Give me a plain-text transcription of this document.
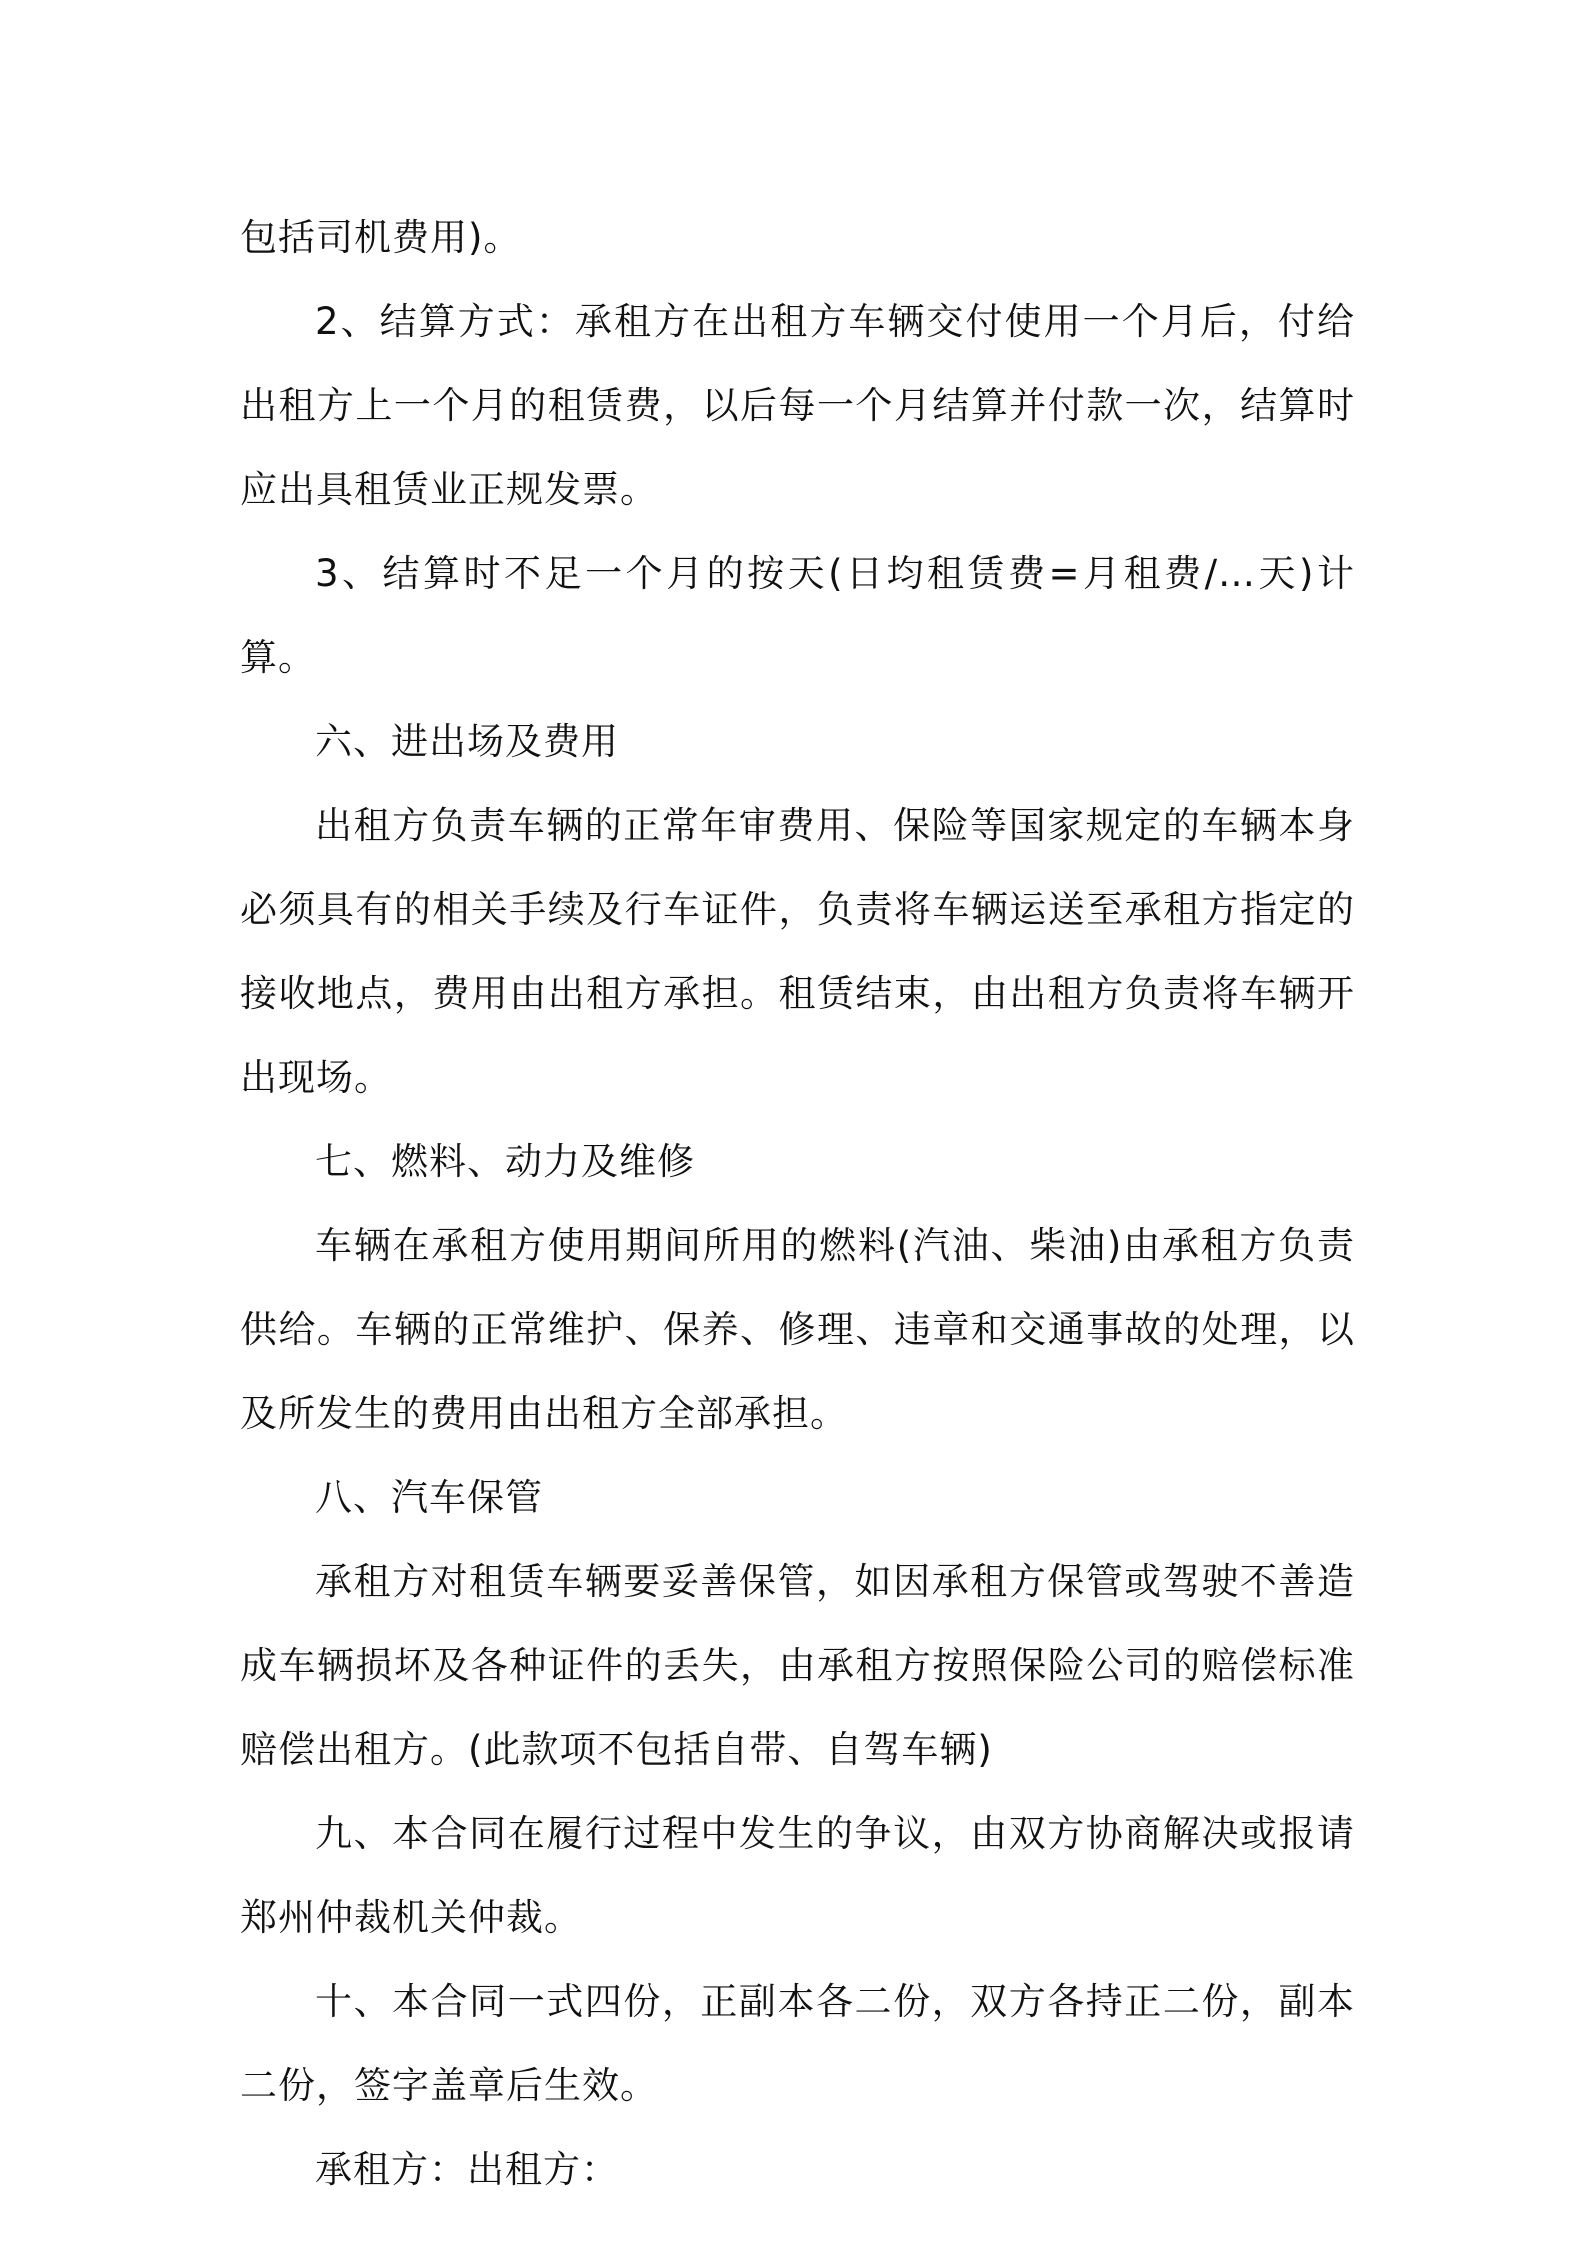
包括司机费用)。

2、结算方式：承租方在出租方车辆交付使用一个月后，付给出租方上一个月的租赁费，以后每一个月结算并付款一次，结算时应出具租赁业正规发票。

3、结算时不足一个月的按天(日均租赁费=月租费/…天)计算。

六、进出场及费用

出租方负责车辆的正常年审费用、保险等国家规定的车辆本身必须具有的相关手续及行车证件，负责将车辆运送至承租方指定的接收地点，费用由出租方承担。租赁结束，由出租方负责将车辆开出现场。

七、燃料、动力及维修

车辆在承租方使用期间所用的燃料(汽油、柴油)由承租方负责供给。车辆的正常维护、保养、修理、违章和交通事故的处理，以及所发生的费用由出租方全部承担。

八、汽车保管

承租方对租赁车辆要妥善保管，如因承租方保管或驾驶不善造成车辆损坏及各种证件的丢失，由承租方按照保险公司的赔偿标准赔偿出租方。(此款项不包括自带、自驾车辆)

九、本合同在履行过程中发生的争议，由双方协商解决或报请郑州仲裁机关仲裁。

十、本合同一式四份，正副本各二份，双方各持正二份，副本二份，签字盖章后生效。

承租方：出租方：
